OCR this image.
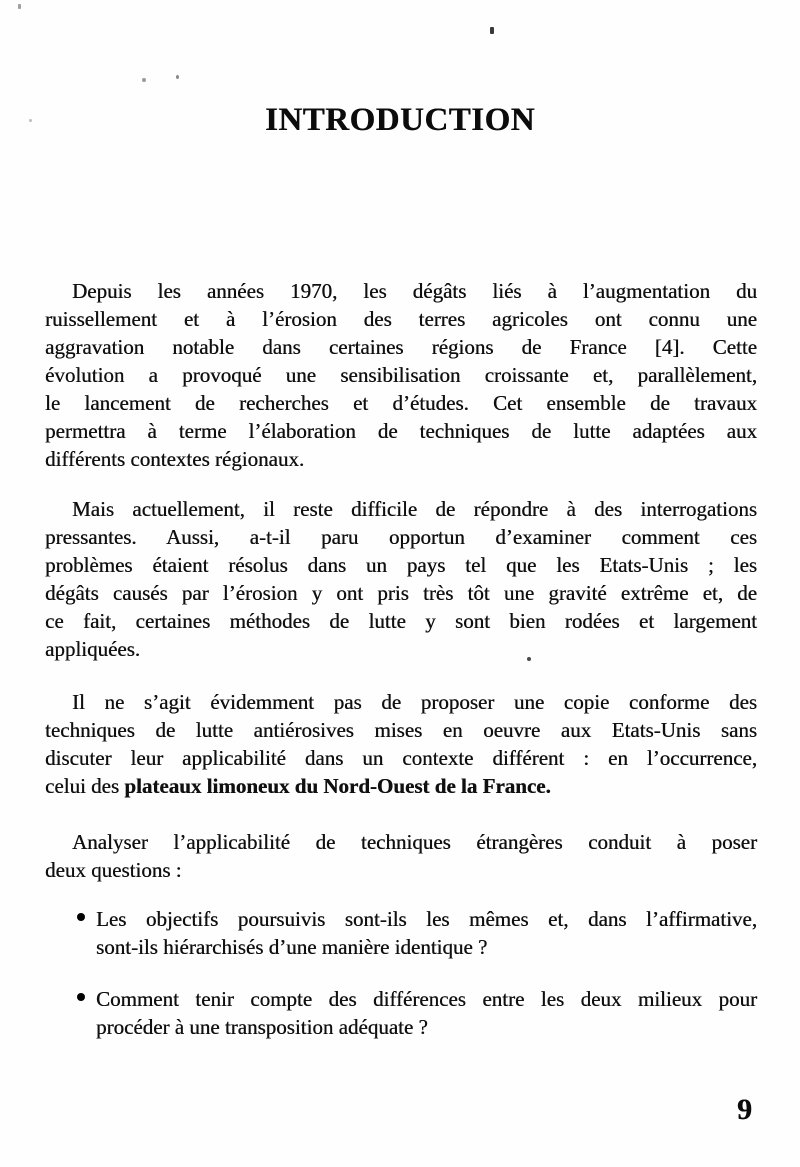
INTRODUCTION
Depuis les années 1970, les dégâts liés à l’augmentation du
ruissellement et à l’érosion des terres agricoles ont connu une
aggravation notable dans certaines régions de France [4]. Cette
évolution a provoqué une sensibilisation croissante et, parallèlement,
le lancement de recherches et d’études. Cet ensemble de travaux
permettra à terme l’élaboration de techniques de lutte adaptées aux
différents contextes régionaux.
Mais actuellement, il reste difficile de répondre à des interrogations
pressantes. Aussi, a-t-il paru opportun d’examiner comment ces
problèmes étaient résolus dans un pays tel que les Etats-Unis ; les
dégâts causés par l’érosion y ont pris très tôt une gravité extrême et, de
ce fait, certaines méthodes de lutte y sont bien rodées et largement
appliquées.
Il ne s’agit évidemment pas de proposer une copie conforme des
techniques de lutte antiérosives mises en oeuvre aux Etats-Unis sans
discuter leur applicabilité dans un contexte différent : en l’occurrence,
celui des plateaux limoneux du Nord-Ouest de la France.
Analyser l’applicabilité de techniques étrangères conduit à poser
deux questions :
Les objectifs poursuivis sont-ils les mêmes et, dans l’affirmative,
sont-ils hiérarchisés d’une manière identique ?
Comment tenir compte des différences entre les deux milieux pour
procéder à une transposition adéquate ?
9
